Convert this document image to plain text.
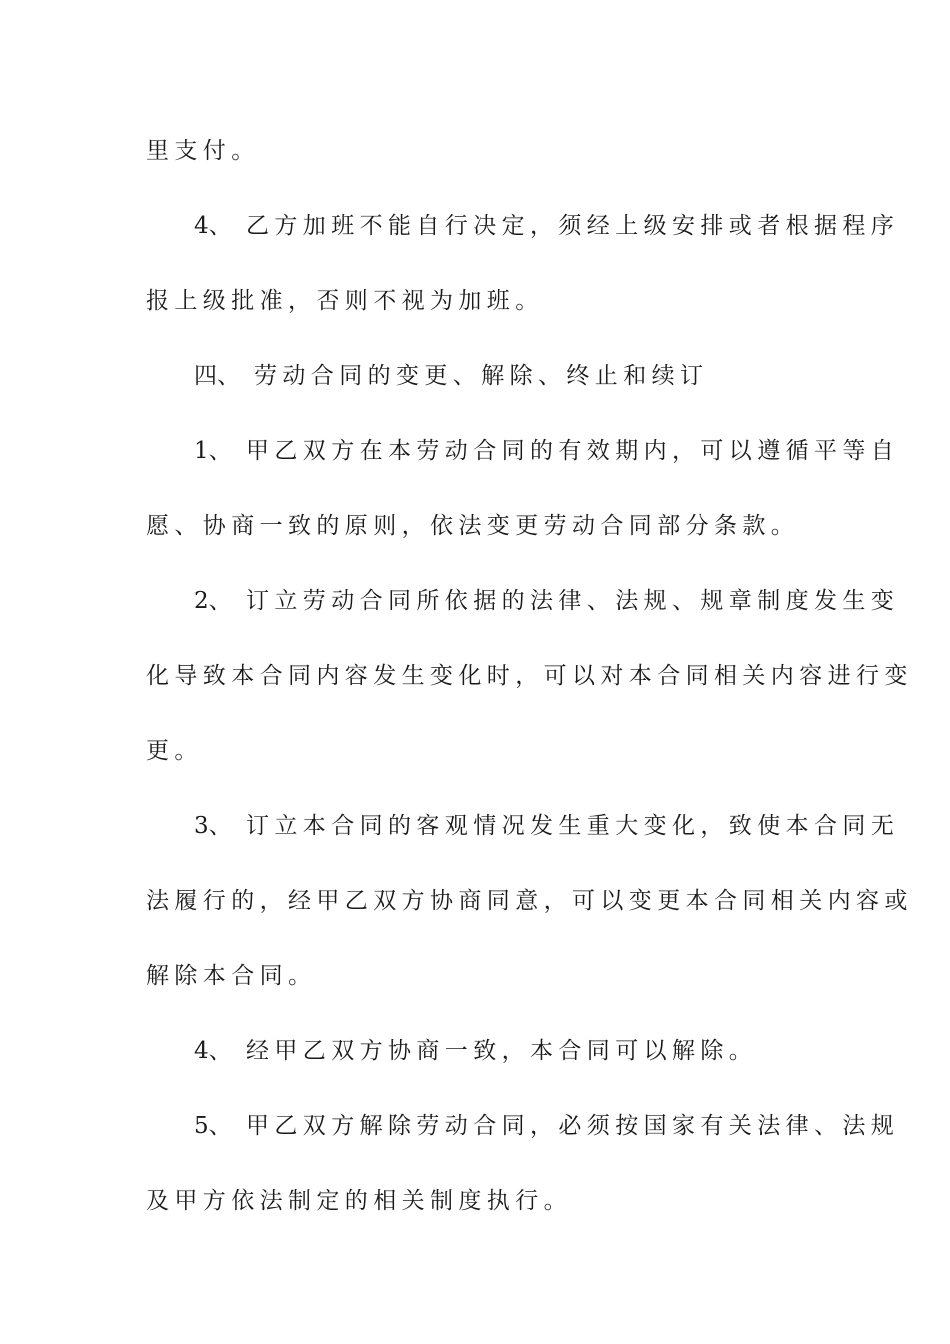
里支付。
4、 乙方加班不能自行决定，须经上级安排或者根据程序
报上级批准，否则不视为加班。
四、 劳动合同的变更、解除、终止和续订
1、 甲乙双方在本劳动合同的有效期内，可以遵循平等自
愿、协商一致的原则，依法变更劳动合同部分条款。
2、 订立劳动合同所依据的法律、法规、规章制度发生变
化导致本合同内容发生变化时，可以对本合同相关内容进行变
更。
3、 订立本合同的客观情况发生重大变化，致使本合同无
法履行的，经甲乙双方协商同意，可以变更本合同相关内容或
解除本合同。
4、 经甲乙双方协商一致，本合同可以解除。
5、 甲乙双方解除劳动合同，必须按国家有关法律、法规
及甲方依法制定的相关制度执行。
